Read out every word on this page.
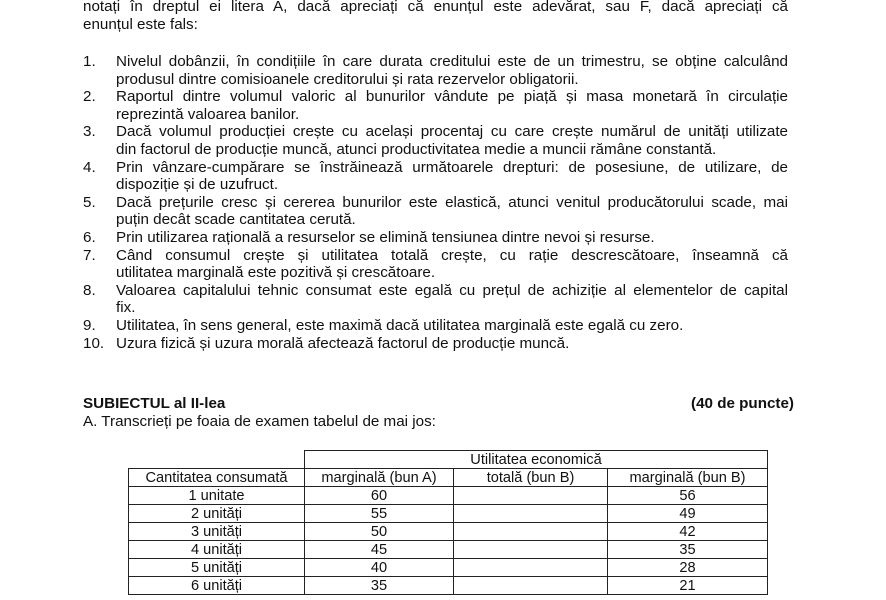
notați în dreptul ei litera A, dacă apreciați că enunțul este adevărat, sau F, dacă apreciați că
enunțul este fals:
1. Nivelul dobânzii, în condițiile în care durata creditului este de un trimestru, se obține calculând
produsul dintre comisioanele creditorului și rata rezervelor obligatorii.
2. Raportul dintre volumul valoric al bunurilor vândute pe piață și masa monetară în circulație
reprezintă valoarea banilor.
3. Dacă volumul producției crește cu același procentaj cu care crește numărul de unități utilizate
din factorul de producție muncă, atunci productivitatea medie a muncii rămâne constantă.
4. Prin vânzare-cumpărare se înstrăinează următoarele drepturi: de posesiune, de utilizare, de
dispoziție și de uzufruct.
5. Dacă prețurile cresc și cererea bunurilor este elastică, atunci venitul producătorului scade, mai
puțin decât scade cantitatea cerută.
6. Prin utilizarea rațională a resurselor se elimină tensiunea dintre nevoi și resurse.
7. Când consumul crește și utilitatea totală crește, cu rație descrescătoare, înseamnă că
utilitatea marginală este pozitivă și crescătoare.
8. Valoarea capitalului tehnic consumat este egală cu prețul de achiziție al elementelor de capital
fix.
9. Utilitatea, în sens general, este maximă dacă utilitatea marginală este egală cu zero.
10. Uzura fizică și uzura morală afectează factorul de producție muncă.
SUBIECTUL al II-lea	(40 de puncte)
A. Transcrieți pe foaia de examen tabelul de mai jos:
	Utilitatea economică		
Cantitatea consumată	marginală (bun A)	totală (bun B)	marginală (bun B)
1 unitate	60		56
2 unități	55		49
3 unități	50		42
4 unități	45		35
5 unități	40		28
6 unități	35		21
